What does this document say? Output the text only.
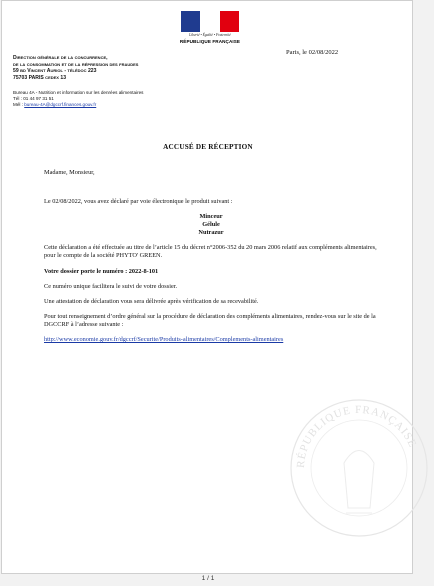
Liberté • Égalité • Fraternité
RÉPUBLIQUE FRANÇAISE
Paris, le 02/08/2022
Direction générale de la concurrence,
de la consommation et de la répression des fraudes
59 bd Vincent Auriol - télédoc 223
75703 PARIS cedex 13
Bureau 4A - Nutrition et information sur les denrées alimentaires
Tél : 01 44 97 31 51
Mél : bureau-4A@dgccrf.finances.gouv.fr
ACCUSÉ DE RÉCEPTION
Madame, Monsieur,
Le 02/08/2022, vous avez déclaré par voie électronique le produit suivant :
Minceur
Gélule
Nutrazur
Cette déclaration a été effectuée au titre de l’article 15 du décret n°2006-352 du 20 mars 2006 relatif aux compléments alimentaires, pour le compte de la société PHYTO' GREEN.
Votre dossier porte le numéro : 2022-8-101
Ce numéro unique facilitera le suivi de votre dossier.
Une attestation de déclaration vous sera délivrée après vérification de sa recevabilité.
Pour tout renseignement d’ordre général sur la procédure de déclaration des compléments alimentaires, rendez-vous sur le site de la DGCCRF à l’adresse suivante :
http://www.economie.gouv.fr/dgccrf/Securite/Produits-alimentaires/Complements-alimentaires
RÉPUBLIQUE FRANÇAISE
1 / 1
